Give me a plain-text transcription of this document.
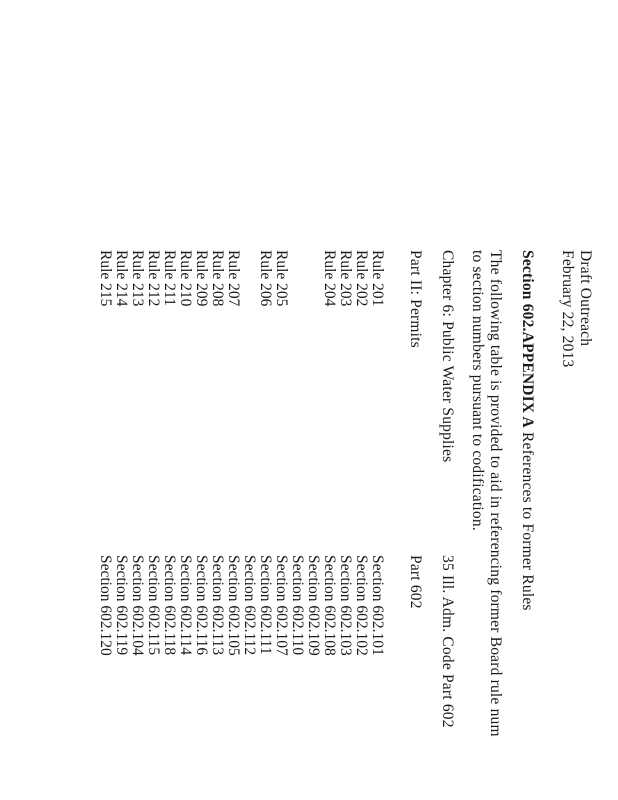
Draft Outreach
February 22, 2013
Section 602.APPENDIX A References to Former Rules
The following table is provided to aid in referencing former Board rule num
to section numbers pursuant to codification.
Chapter 6: Public Water Supplies
35 Ill. Adm. Code Part 602
Part II: Permits
Part 602
Rule 201
Rule 202
Rule 203
Rule 204
Rule 205
Rule 206
Rule 207
Rule 208
Rule 209
Rule 210
Rule 211
Rule 212
Rule 213
Rule 214
Rule 215
Section 602.101
Section 602.102
Section 602.103
Section 602.108
Section 602.109
Section 602.110
Section 602.107
Section 602.111
Section 602.112
Section 602.105
Section 602.113
Section 602.116
Section 602.114
Section 602.118
Section 602.115
Section 602.104
Section 602.119
Section 602.120
